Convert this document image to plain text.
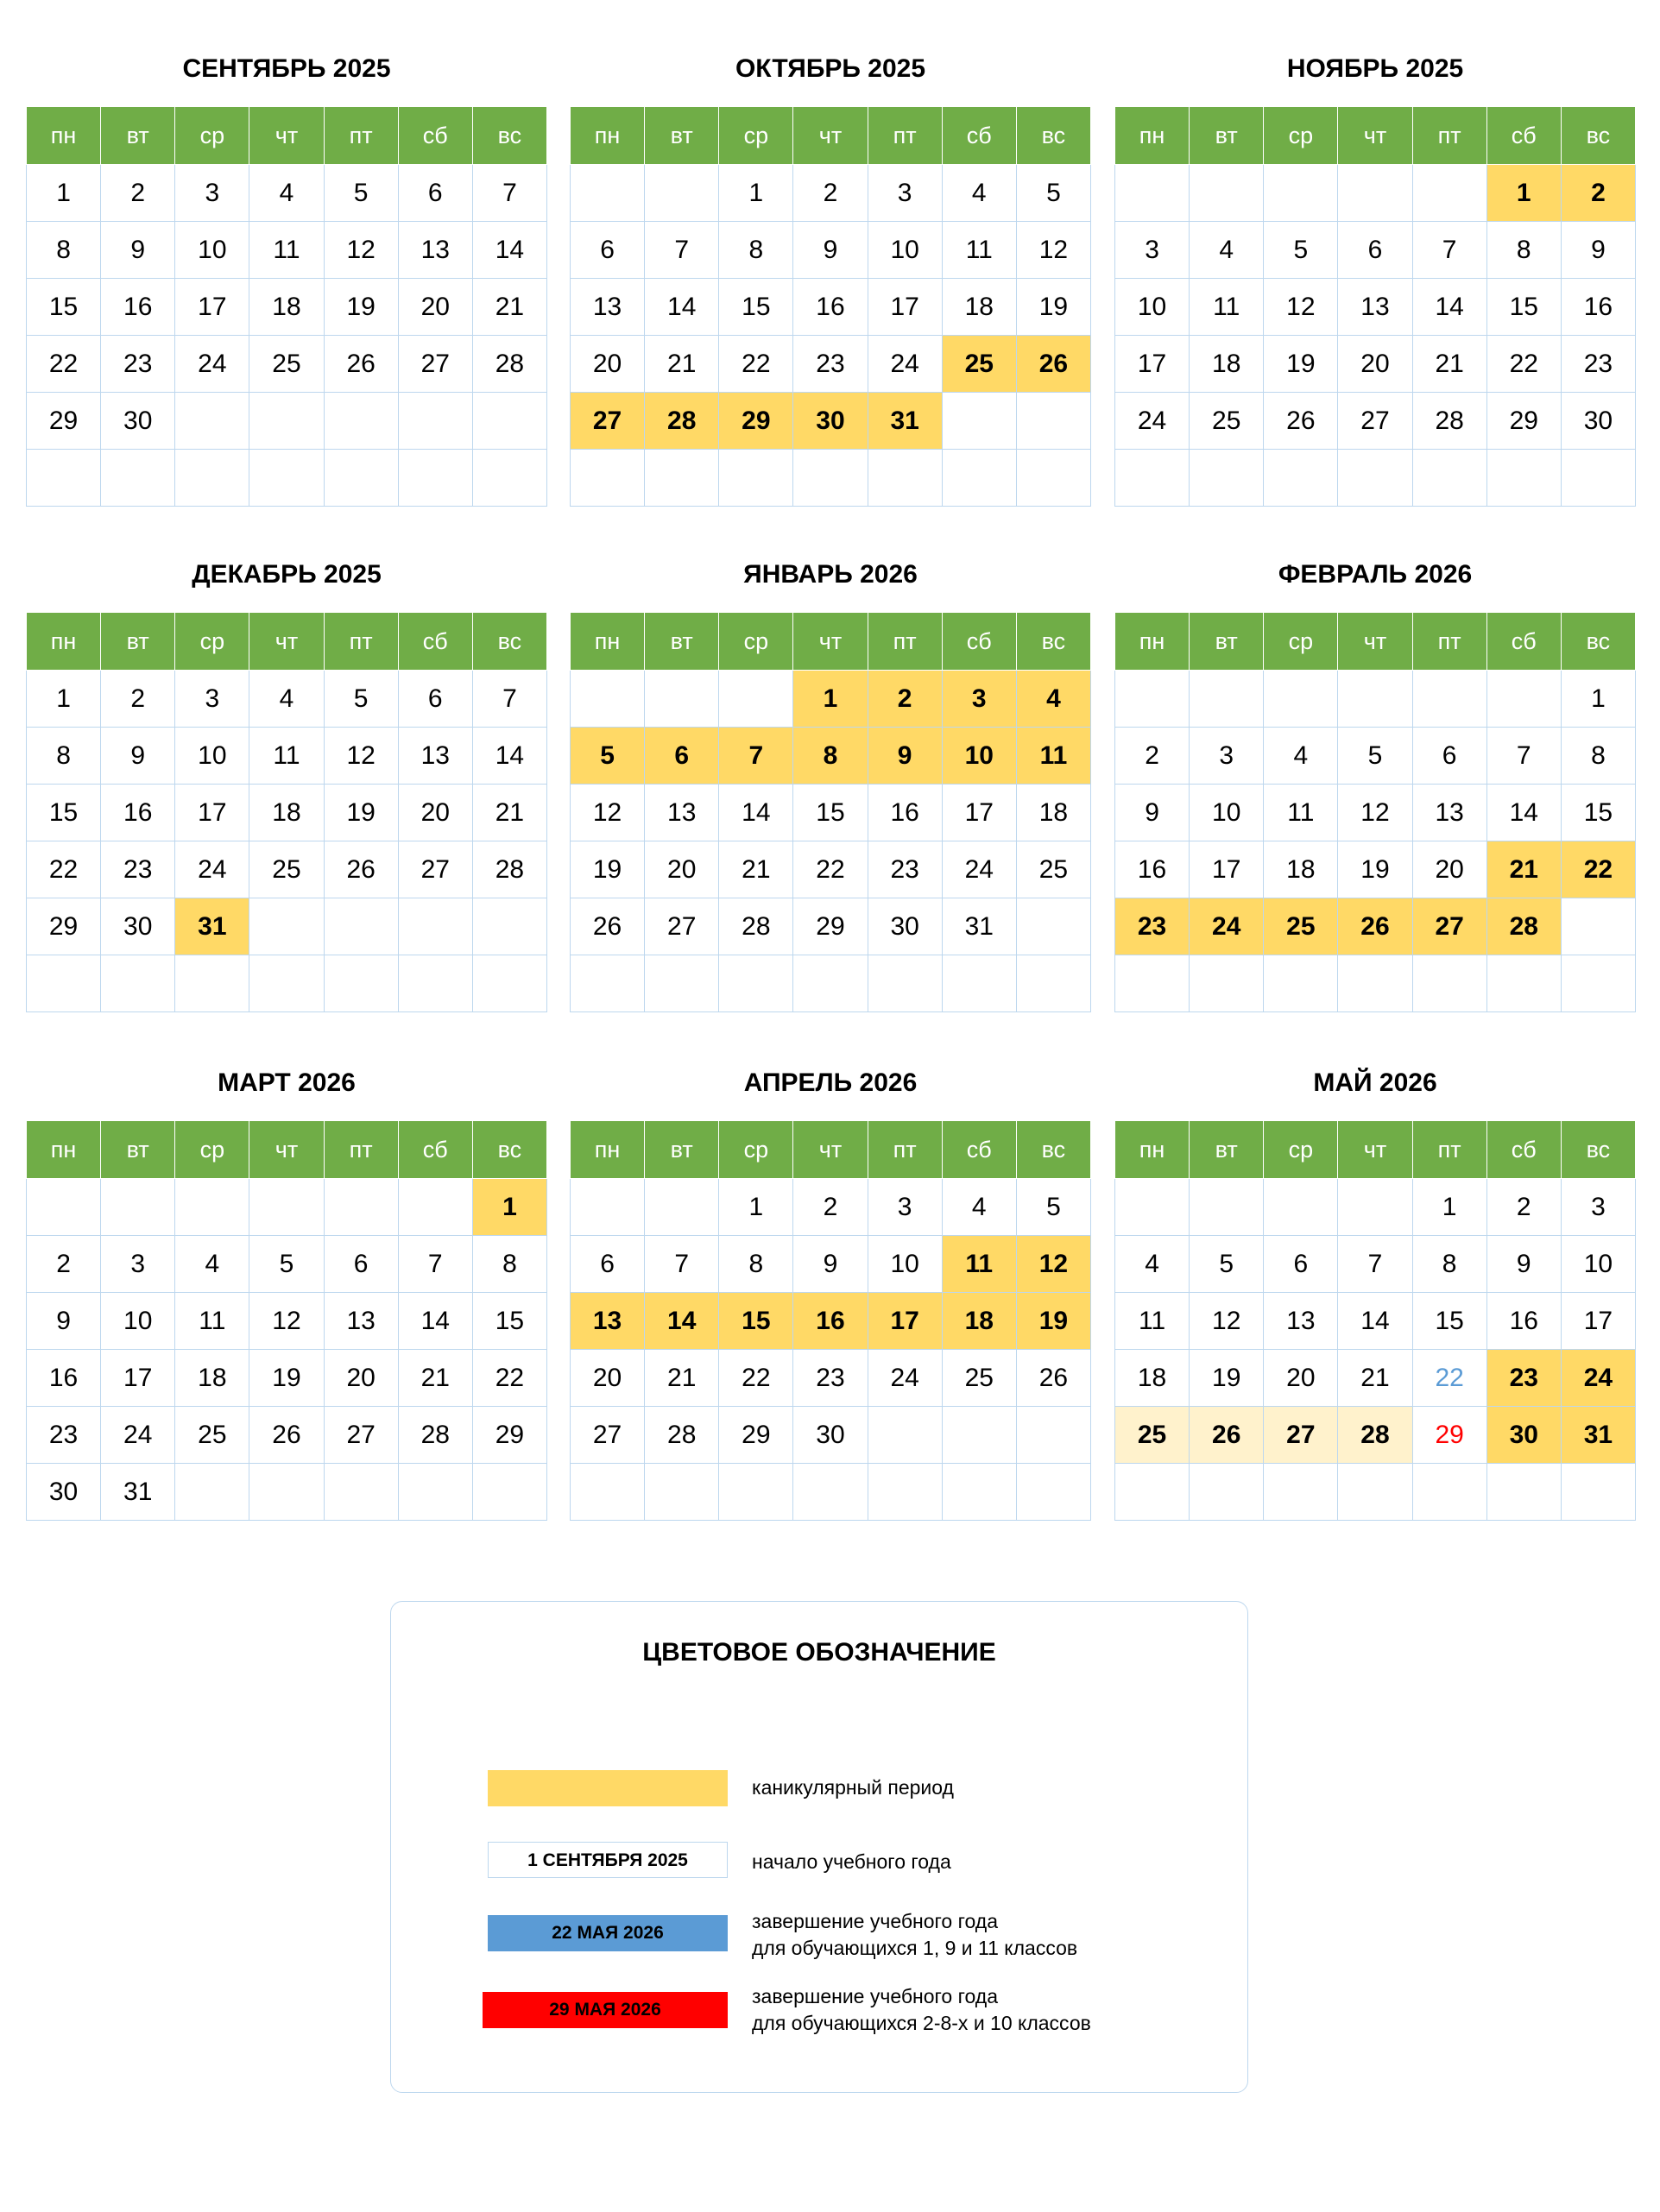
СЕНТЯБРЬ 2025
пн	вт	ср	чт	пт	сб	вс
1	2	3	4	5	6	7
8	9	10	11	12	13	14
15	16	17	18	19	20	21
22	23	24	25	26	27	28
29	30					

ОКТЯБРЬ 2025
пн	вт	ср	чт	пт	сб	вс
		1	2	3	4	5
6	7	8	9	10	11	12
13	14	15	16	17	18	19
20	21	22	23	24	25	26
27	28	29	30	31		

НОЯБРЬ 2025
пн	вт	ср	чт	пт	сб	вс
					1	2
3	4	5	6	7	8	9
10	11	12	13	14	15	16
17	18	19	20	21	22	23
24	25	26	27	28	29	30

ДЕКАБРЬ 2025
пн	вт	ср	чт	пт	сб	вс
1	2	3	4	5	6	7
8	9	10	11	12	13	14
15	16	17	18	19	20	21
22	23	24	25	26	27	28
29	30	31				

ЯНВАРЬ 2026
пн	вт	ср	чт	пт	сб	вс
			1	2	3	4
5	6	7	8	9	10	11
12	13	14	15	16	17	18
19	20	21	22	23	24	25
26	27	28	29	30	31	

ФЕВРАЛЬ 2026
пн	вт	ср	чт	пт	сб	вс
						1
2	3	4	5	6	7	8
9	10	11	12	13	14	15
16	17	18	19	20	21	22
23	24	25	26	27	28	

МАРТ 2026
пн	вт	ср	чт	пт	сб	вс
						1
2	3	4	5	6	7	8
9	10	11	12	13	14	15
16	17	18	19	20	21	22
23	24	25	26	27	28	29
30	31					
АПРЕЛЬ 2026
пн	вт	ср	чт	пт	сб	вс
		1	2	3	4	5
6	7	8	9	10	11	12
13	14	15	16	17	18	19
20	21	22	23	24	25	26
27	28	29	30			

МАЙ 2026
пн	вт	ср	чт	пт	сб	вс
				1	2	3
4	5	6	7	8	9	10
11	12	13	14	15	16	17
18	19	20	21	22	23	24
25	26	27	28	29	30	31

ЦВЕТОВОЕ ОБОЗНАЧЕНИЕ
каникулярный период
1 СЕНТЯБРЯ 2025	начало учебного года
22 МАЯ 2026
завершение учебного года
для обучающихся 1, 9 и 11 классов
29 МАЯ 2026
завершение учебного года
для обучающихся 2-8-х и 10 классов
